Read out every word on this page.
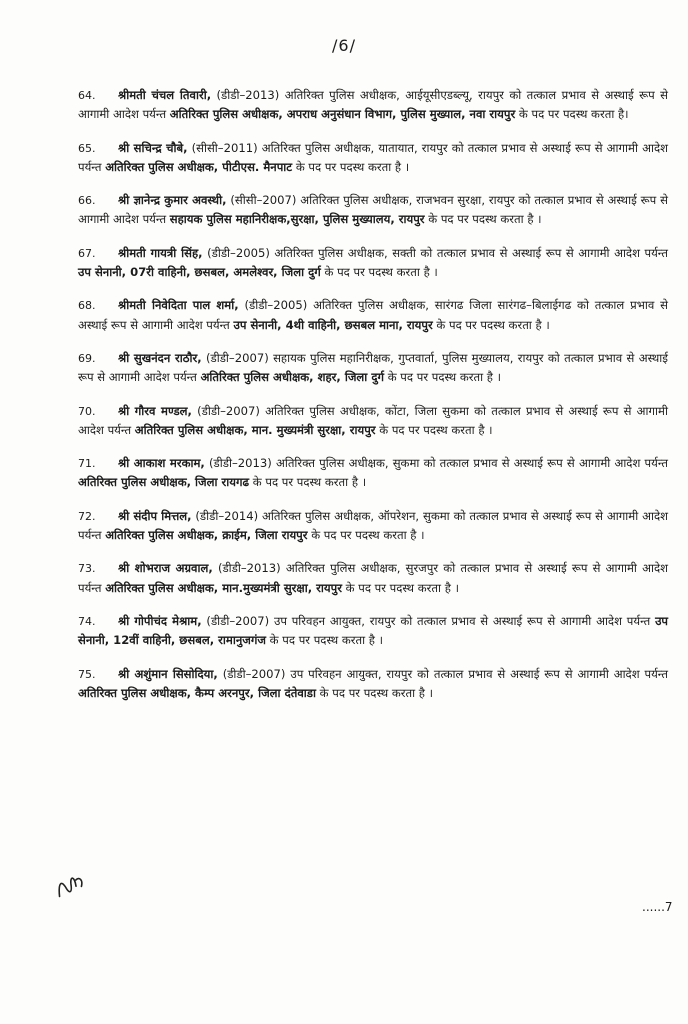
/6/

64. श्रीमती चंचल तिवारी, (डीडी–2013) अतिरिक्त पुलिस अधीक्षक, आईयूसीएडब्ल्यू, रायपुर को तत्काल प्रभाव से अस्थाई रूप से आगामी आदेश पर्यन्त अतिरिक्त पुलिस अधीक्षक, अपराध अनुसंधान विभाग, पुलिस मुख्याल, नवा रायपुर के पद पर पदस्थ करता है।

65. श्री सचिन्द्र चौबे, (सीसी–2011) अतिरिक्त पुलिस अधीक्षक, यातायात, रायपुर को तत्काल प्रभाव से अस्थाई रूप से आगामी आदेश पर्यन्त अतिरिक्त पुलिस अधीक्षक, पीटीएस. मैनपाट के पद पर पदस्थ करता है ।

66. श्री ज्ञानेन्द्र कुमार अवस्थी, (सीसी–2007) अतिरिक्त पुलिस अधीक्षक, राजभवन सुरक्षा, रायपुर को तत्काल प्रभाव से अस्थाई रूप से आगामी आदेश पर्यन्त सहायक पुलिस महानिरीक्षक,सुरक्षा, पुलिस मुख्यालय, रायपुर के पद पर पदस्थ करता है ।

67. श्रीमती गायत्री सिंह, (डीडी–2005) अतिरिक्त पुलिस अधीक्षक, सक्ती को तत्काल प्रभाव से अस्थाई रूप से आगामी आदेश पर्यन्त उप सेनानी, 07री वाहिनी, छसबल, अमलेश्वर, जिला दुर्ग के पद पर पदस्थ करता है ।

68. श्रीमती निवेदिता पाल शर्मा, (डीडी–2005) अतिरिक्त पुलिस अधीक्षक, सारंगढ जिला सारंगढ–बिलाईगढ को तत्काल प्रभाव से अस्थाई रूप से आगामी आदेश पर्यन्त उप सेनानी, 4थी वाहिनी, छसबल माना, रायपुर के पद पर पदस्थ करता है ।

69. श्री सुखनंदन राठौर, (डीडी–2007) सहायक पुलिस महानिरीक्षक, गुप्तवार्ता, पुलिस मुख्यालय, रायपुर को तत्काल प्रभाव से अस्थाई रूप से आगामी आदेश पर्यन्त अतिरिक्त पुलिस अधीक्षक, शहर, जिला दुर्ग के पद पर पदस्थ करता है ।

70. श्री गौरव मण्डल, (डीडी–2007) अतिरिक्त पुलिस अधीक्षक, कोंटा, जिला सुकमा को तत्काल प्रभाव से अस्थाई रूप से आगामी आदेश पर्यन्त अतिरिक्त पुलिस अधीक्षक, मान. मुख्यमंत्री सुरक्षा, रायपुर के पद पर पदस्थ करता है ।

71. श्री आकाश मरकाम, (डीडी–2013) अतिरिक्त पुलिस अधीक्षक, सुकमा को तत्काल प्रभाव से अस्थाई रूप से आगामी आदेश पर्यन्त अतिरिक्त पुलिस अधीक्षक, जिला रायगढ के पद पर पदस्थ करता है ।

72. श्री संदीप मित्तल, (डीडी–2014) अतिरिक्त पुलिस अधीक्षक, ऑपरेशन, सुकमा को तत्काल प्रभाव से अस्थाई रूप से आगामी आदेश पर्यन्त अतिरिक्त पुलिस अधीक्षक, क्राईम, जिला रायपुर के पद पर पदस्थ करता है ।

73. श्री शोभराज अग्रवाल, (डीडी–2013) अतिरिक्त पुलिस अधीक्षक, सुरजपुर को तत्काल प्रभाव से अस्थाई रूप से आगामी आदेश पर्यन्त अतिरिक्त पुलिस अधीक्षक, मान.मुख्यमंत्री सुरक्षा, रायपुर के पद पर पदस्थ करता है ।

74. श्री गोपीचंद मेश्राम, (डीडी–2007) उप परिवहन आयुक्त, रायपुर को तत्काल प्रभाव से अस्थाई रूप से आगामी आदेश पर्यन्त उप सेनानी, 12वीं वाहिनी, छसबल, रामानुजगंज के पद पर पदस्थ करता है ।

75. श्री अशुंमान सिसोदिया, (डीडी–2007) उप परिवहन आयुक्त, रायपुर को तत्काल प्रभाव से अस्थाई रूप से आगामी आदेश पर्यन्त अतिरिक्त पुलिस अधीक्षक, कैम्प अरनपुर, जिला दंतेवाडा के पद पर पदस्थ करता है ।

......7
